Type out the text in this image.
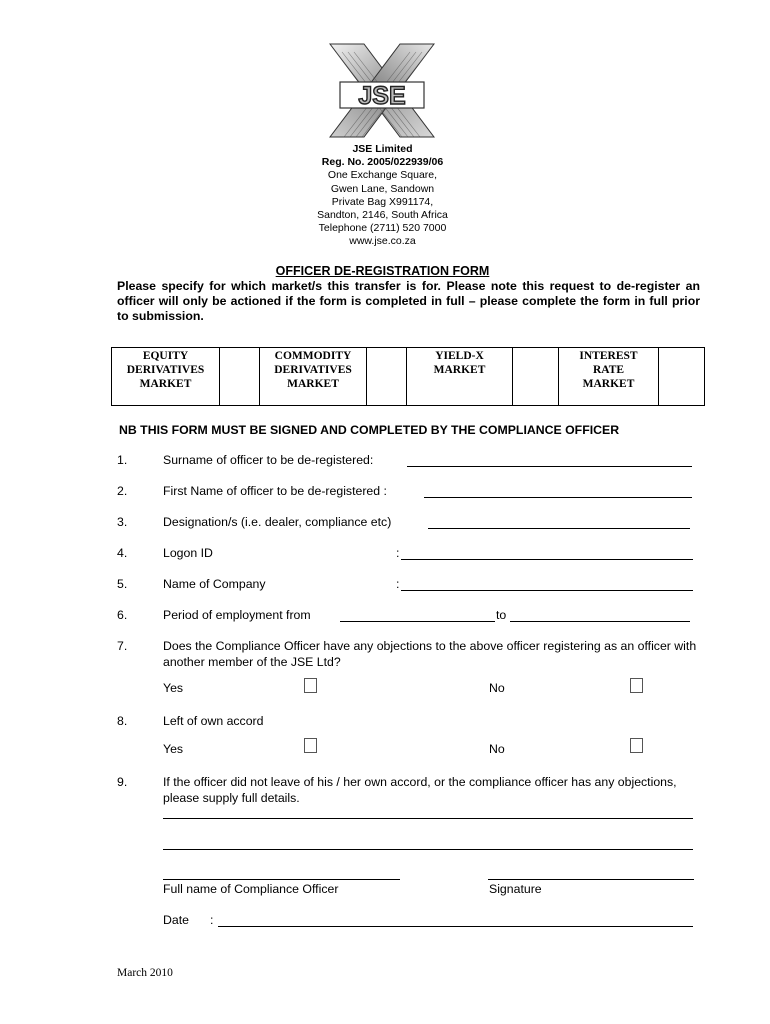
JSE
JSE Limited
Reg. No. 2005/022939/06
One Exchange Square,
Gwen Lane, Sandown
Private Bag X991174,
Sandton, 2146, South Africa
Telephone (2711) 520 7000
www.jse.co.za
OFFICER DE-REGISTRATION FORM
Please specify for which market/s this transfer is for. Please note this request to de-register an officer will only be actioned if the form is completed in full – please complete the form in full prior to submission.
EQUITY
DERIVATIVES
MARKET

COMMODITY
DERIVATIVES
MARKET

YIELD-X
MARKET

INTEREST
RATE
MARKET

NB THIS FORM MUST BE SIGNED AND COMPLETED BY THE COMPLIANCE OFFICER
1.	Surname of officer to be de-registered:
2.	First Name of officer to be de-registered :
3.	Designation/s (i.e. dealer, compliance etc)
4.	Logon ID	:
5.	Name of Company	:
6.	Period of employment from	to
7.	Does the Compliance Officer have any objections to the above officer registering as an officer with another member of the JSE Ltd?
Yes	No
8.	Left of own accord
Yes	No
9.	If the officer did not leave of his / her own accord, or the compliance officer has any objections, please supply full details.
Full name of Compliance Officer	Signature
Date :
March 2010
